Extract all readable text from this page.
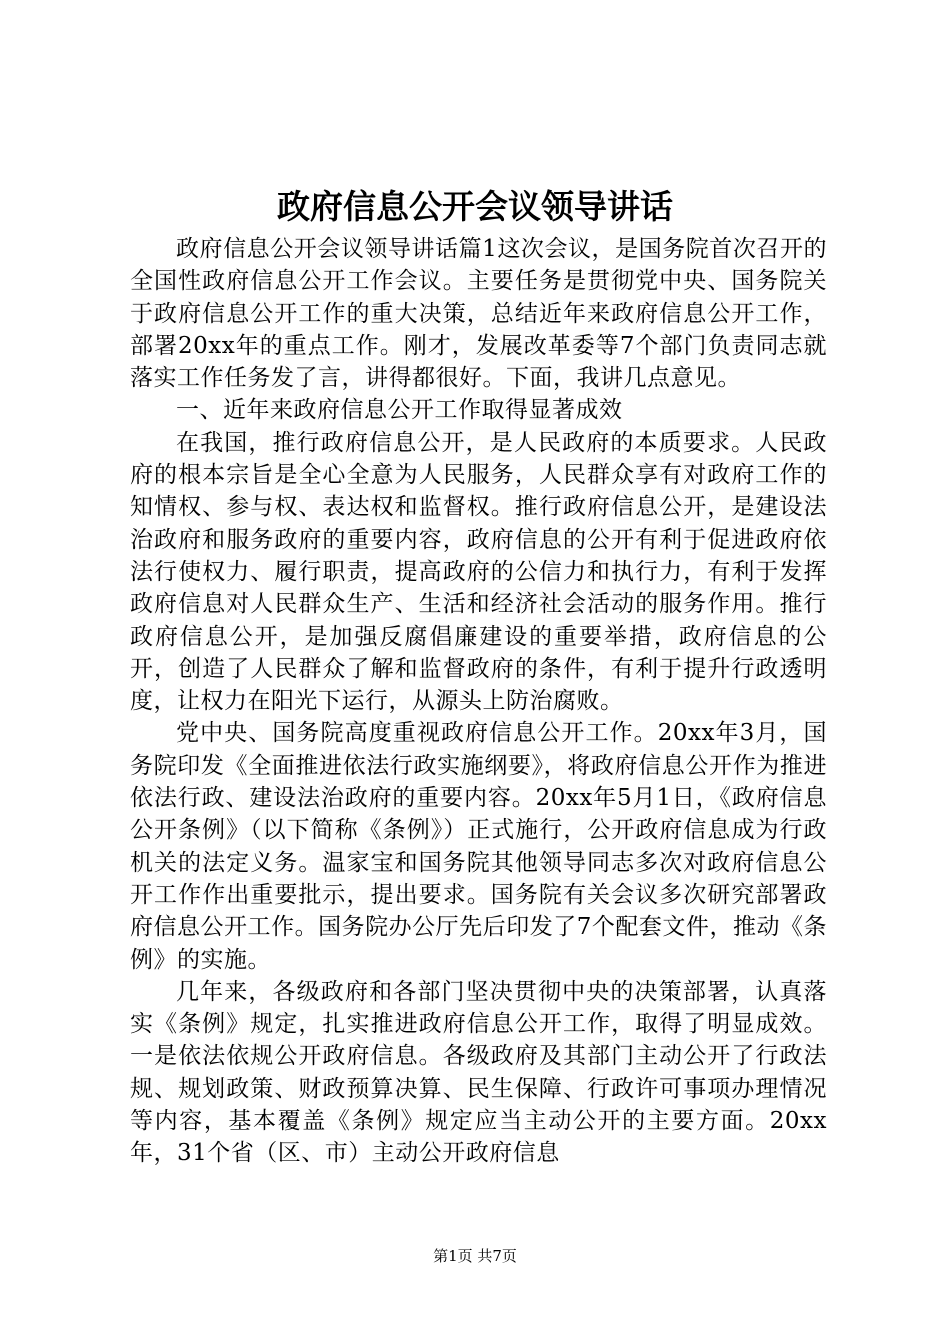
政府信息公开会议领导讲话

政府信息公开会议领导讲话篇1这次会议，是国务院首次召开的全国性政府信息公开工作会议。主要任务是贯彻党中央、国务院关于政府信息公开工作的重大决策，总结近年来政府信息公开工作，部署20xx年的重点工作。刚才，发展改革委等7个部门负责同志就落实工作任务发了言，讲得都很好。下面，我讲几点意见。

一、近年来政府信息公开工作取得显著成效

在我国，推行政府信息公开，是人民政府的本质要求。人民政府的根本宗旨是全心全意为人民服务，人民群众享有对政府工作的知情权、参与权、表达权和监督权。推行政府信息公开，是建设法治政府和服务政府的重要内容，政府信息的公开有利于促进政府依法行使权力、履行职责，提高政府的公信力和执行力，有利于发挥政府信息对人民群众生产、生活和经济社会活动的服务作用。推行政府信息公开，是加强反腐倡廉建设的重要举措，政府信息的公开，创造了人民群众了解和监督政府的条件，有利于提升行政透明度，让权力在阳光下运行，从源头上防治腐败。

党中央、国务院高度重视政府信息公开工作。20xx年3月，国务院印发《全面推进依法行政实施纲要》，将政府信息公开作为推进依法行政、建设法治政府的重要内容。20xx年5月1日，《政府信息公开条例》（以下简称《条例》）正式施行，公开政府信息成为行政机关的法定义务。温家宝和国务院其他领导同志多次对政府信息公开工作作出重要批示，提出要求。国务院有关会议多次研究部署政府信息公开工作。国务院办公厅先后印发了7个配套文件，推动《条例》的实施。

几年来，各级政府和各部门坚决贯彻中央的决策部署，认真落实《条例》规定，扎实推进政府信息公开工作，取得了明显成效。一是依法依规公开政府信息。各级政府及其部门主动公开了行政法规、规划政策、财政预算决算、民生保障、行政许可事项办理情况等内容，基本覆盖《条例》规定应当主动公开的主要方面。20xx年，31个省（区、市）主动公开政府信息

第1页 共7页
